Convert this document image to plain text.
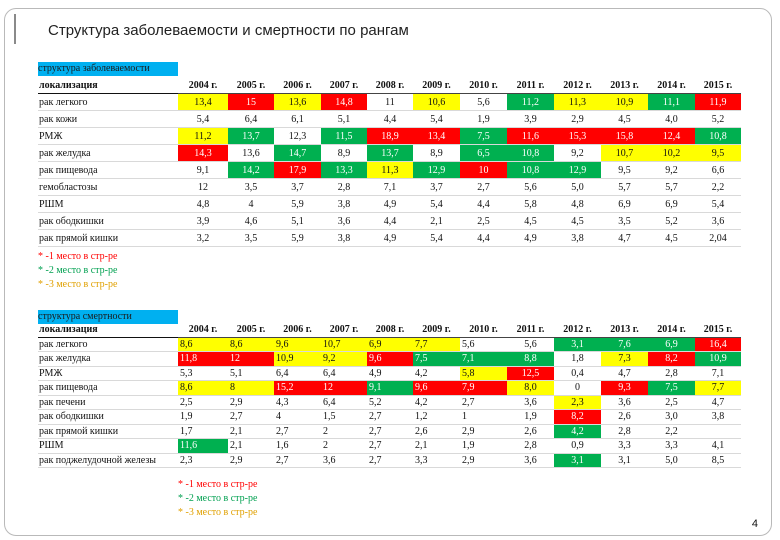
Структура заболеваемости и смертности по рангам
структура заболеваемости
локализация	2004 г.	2005 г.	2006 г.	2007 г.	2008 г.	2009 г.	2010 г.	2011 г.	2012 г.	2013 г.	2014 г.	2015 г.
рак легкого	13,4	15	13,6	14,8	11	10,6	5,6	11,2	11,3	10,9	11,1	11,9
рак кожи	5,4	6,4	6,1	5,1	4,4	5,4	1,9	3,9	2,9	4,5	4,0	5,2
РМЖ	11,2	13,7	12,3	11,5	18,9	13,4	7,5	11,6	15,3	15,8	12,4	10,8
рак желудка	14,3	13,6	14,7	8,9	13,7	8,9	6,5	10,8	9,2	10,7	10,2	9,5
рак пищевода	9,1	14,2	17,9	13,3	11,3	12,9	10	10,8	12,9	9,5	9,2	6,6
гемобластозы	12	3,5	3,7	2,8	7,1	3,7	2,7	5,6	5,0	5,7	5,7	2,2
РШМ	4,8	4	5,9	3,8	4,9	5,4	4,4	5,8	4,8	6,9	6,9	5,4
рак ободкишки	3,9	4,6	5,1	3,6	4,4	2,1	2,5	4,5	4,5	3,5	5,2	3,6
рак прямой кишки	3,2	3,5	5,9	3,8	4,9	5,4	4,4	4,9	3,8	4,7	4,5	2,04
* -1 место в стр-ре
* -2 место в стр-ре
* -3 место в стр-ре
структура смертности
локализация	2004 г.	2005 г.	2006 г.	2007 г.	2008 г.	2009 г.	2010 г.	2011 г.	2012 г.	2013 г.	2014 г.	2015 г.
рак легкого	8,6	8,6	9,6	10,7	6,9	7,7	5,6	5,6	3,1	7,6	6,9	16,4
рак желудка	11,8	12	10,9	9,2	9,6	7,5	7,1	8,8	1,8	7,3	8,2	10,9
РМЖ	5,3	5,1	6,4	6,4	4,9	4,2	5,8	12,5	0,4	4,7	2,8	7,1
рак пищевода	8,6	8	15,2	12	9,1	9,6	7,9	8,0	0	9,3	7,5	7,7
рак печени	2,5	2,9	4,3	6,4	5,2	4,2	2,7	3,6	2,3	3,6	2,5	4,7
рак ободкишки	1,9	2,7	4	1,5	2,7	1,2	1	1,9	8,2	2,6	3,0	3,8
рак прямой кишки	1,7	2,1	2,7	2	2,7	2,6	2,9	2,6	4,2	2,8	2,2	
РШМ	11,6	2,1	1,6	2	2,7	2,1	1,9	2,8	0,9	3,3	3,3	4,1
рак поджелудочной железы	2,3	2,9	2,7	3,6	2,7	3,3	2,9	3,6	3,1	3,1	5,0	8,5
* -1 место в стр-ре
* -2 место в стр-ре
* -3 место в стр-ре
4
